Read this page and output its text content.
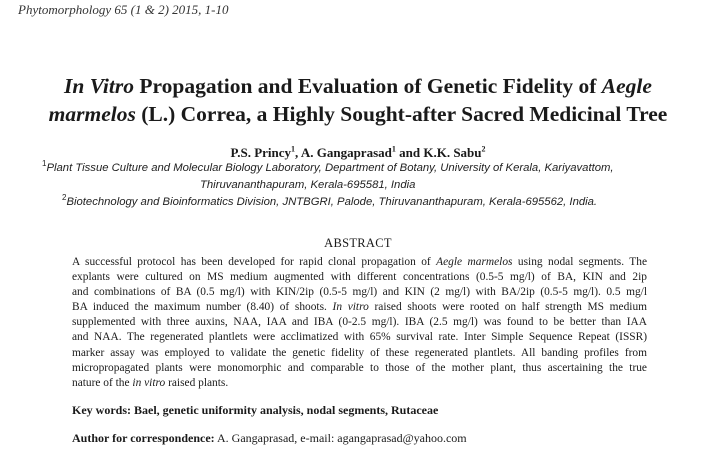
Phytomorphology 65 (1 & 2) 2015, 1-10
In Vitro Propagation and Evaluation of Genetic Fidelity of Aegle
marmelos (L.) Correa, a Highly Sought-after Sacred Medicinal Tree
P.S. Princy$^1$, A. Gangaprasad$^1$ and K.K. Sabu$^2$
$^1$Plant Tissue Culture and Molecular Biology Laboratory, Department of Botany, University of Kerala, Kariyavattom,
Thiruvananthapuram, Kerala-695581, India
$^2$Biotechnology and Bioinformatics Division, JNTBGRI, Palode, Thiruvananthapuram, Kerala-695562, India.
ABSTRACT
A successful protocol has been developed for rapid clonal propagation of Aegle marmelos using nodal segments. The
explants were cultured on MS medium augmented with different concentrations (0.5-5 mg/l) of BA, KIN and 2ip
and combinations of BA (0.5 mg/l) with KIN/2ip (0.5-5 mg/l) and KIN (2 mg/l) with BA/2ip (0.5-5 mg/l). 0.5 mg/l
BA induced the maximum number (8.40) of shoots. In vitro raised shoots were rooted on half strength MS medium
supplemented with three auxins, NAA, IAA and IBA (0-2.5 mg/l). IBA (2.5 mg/l) was found to be better than IAA
and NAA. The regenerated plantlets were acclimatized with 65% survival rate. Inter Simple Sequence Repeat (ISSR)
marker assay was employed to validate the genetic fidelity of these regenerated plantlets. All banding profiles from
micropropagated plants were monomorphic and comparable to those of the mother plant, thus ascertaining the true
nature of the in vitro raised plants.
Key words: Bael, genetic uniformity analysis, nodal segments, Rutaceae
Author for correspondence: A. Gangaprasad, e-mail: agangaprasad@yahoo.com
